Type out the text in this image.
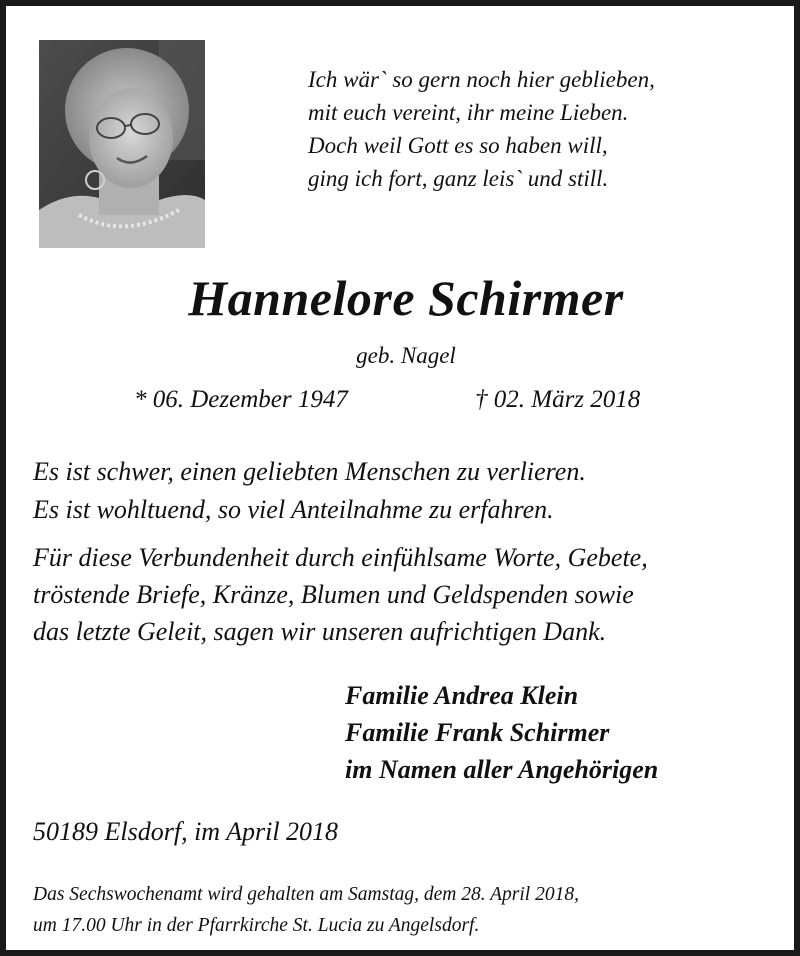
Ich wär` so gern noch hier geblieben,
mit euch vereint, ihr meine Lieben.
Doch weil Gott es so haben will,
ging ich fort, ganz leis` und still.
Hannelore Schirmer
geb. Nagel
* 06. Dezember 1947	† 02. März 2018
Es ist schwer, einen geliebten Menschen zu verlieren.
Es ist wohltuend, so viel Anteilnahme zu erfahren.
Für diese Verbundenheit durch einfühlsame Worte, Gebete,
tröstende Briefe, Kränze, Blumen und Geldspenden sowie
das letzte Geleit, sagen wir unseren aufrichtigen Dank.
Familie Andrea Klein
Familie Frank Schirmer
im Namen aller Angehörigen
50189 Elsdorf, im April 2018
Das Sechswochenamt wird gehalten am Samstag, dem 28. April 2018,
um 17.00 Uhr in der Pfarrkirche St. Lucia zu Angelsdorf.
